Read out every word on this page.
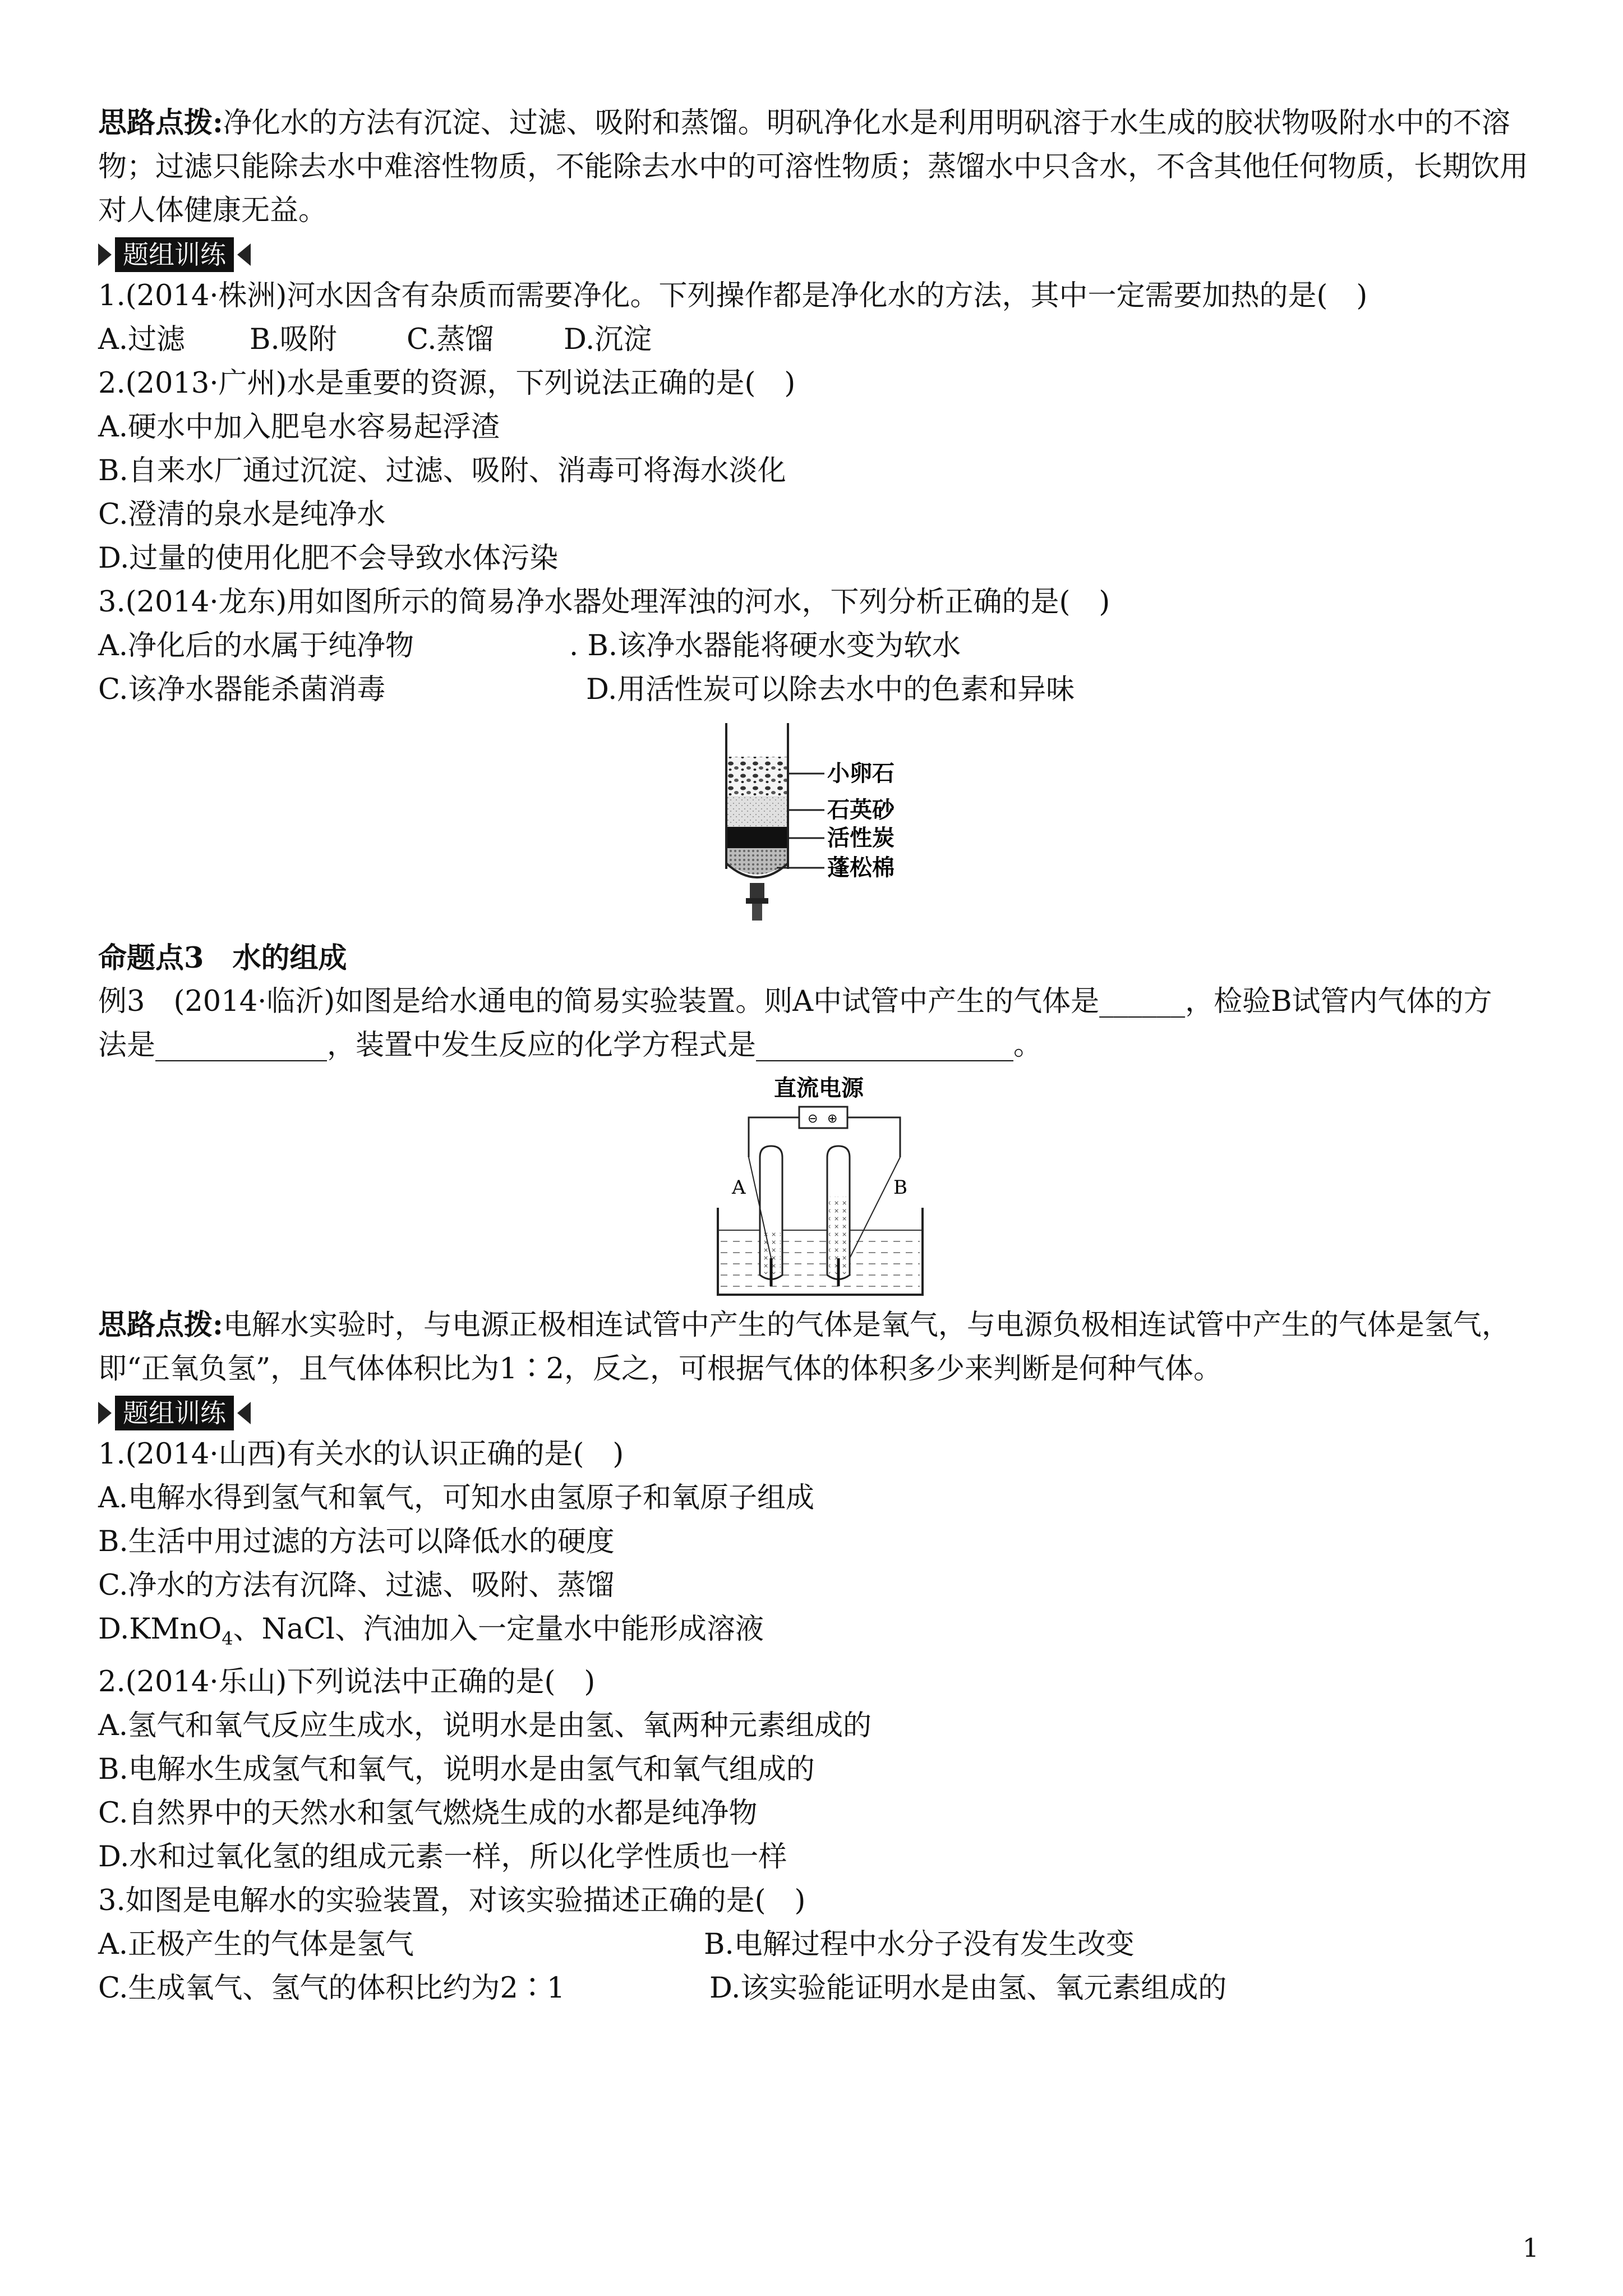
思路点拨:净化水的方法有沉淀、过滤、吸附和蒸馏。明矾净化水是利用明矾溶于水生成的胶状物吸附水中的不溶

物；过滤只能除去水中难溶性物质，不能除去水中的可溶性物质；蒸馏水中只含水，不含其他任何物质，长期饮用

对人体健康无益。

题组训练

1.(2014·株洲)河水因含有杂质而需要净化。下列操作都是净化水的方法，其中一定需要加热的是(　)

A.过滤 B.吸附 C.蒸馏 D.沉淀

2.(2013·广州)水是重要的资源，下列说法正确的是(　)

A.硬水中加入肥皂水容易起浮渣

B.自来水厂通过沉淀、过滤、吸附、消毒可将海水淡化

C.澄清的泉水是纯净水

D.过量的使用化肥不会导致水体污染

3.(2014·龙东)用如图所示的简易净水器处理浑浊的河水，下列分析正确的是(　)

A.净化后的水属于纯净物	. B.该净水器能将硬水变为软水

C.该净水器能杀菌消毒	D.用活性炭可以除去水中的色素和异味

小卵石
石英砂
活性炭
蓬松棉

命题点3　水的组成

例3　(2014·临沂)如图是给水通电的简易实验装置。则A中试管中产生的气体是______，检验B试管内气体的方

法是____________，装置中发生反应的化学方程式是__________________。

直流电源
⊖ ⊕
A	B

思路点拨:电解水实验时，与电源正极相连试管中产生的气体是氧气，与电源负极相连试管中产生的气体是氢气，

即“正氧负氢”，且气体体积比为1∶2，反之，可根据气体的体积多少来判断是何种气体。

题组训练

1.(2014·山西)有关水的认识正确的是(　)

A.电解水得到氢气和氧气，可知水由氢原子和氧原子组成

B.生活中用过滤的方法可以降低水的硬度

C.净水的方法有沉降、过滤、吸附、蒸馏

D.KMnO$_4$、NaCl、汽油加入一定量水中能形成溶液

2.(2014·乐山)下列说法中正确的是(　)

A.氢气和氧气反应生成水，说明水是由氢、氧两种元素组成的

B.电解水生成氢气和氧气，说明水是由氢气和氧气组成的

C.自然界中的天然水和氢气燃烧生成的水都是纯净物

D.水和过氧化氢的组成元素一样，所以化学性质也一样

3.如图是电解水的实验装置，对该实验描述正确的是(　)

A.正极产生的气体是氢气	B.电解过程中水分子没有发生改变

C.生成氧气、氢气的体积比约为2∶1	D.该实验能证明水是由氢、氧元素组成的

1
